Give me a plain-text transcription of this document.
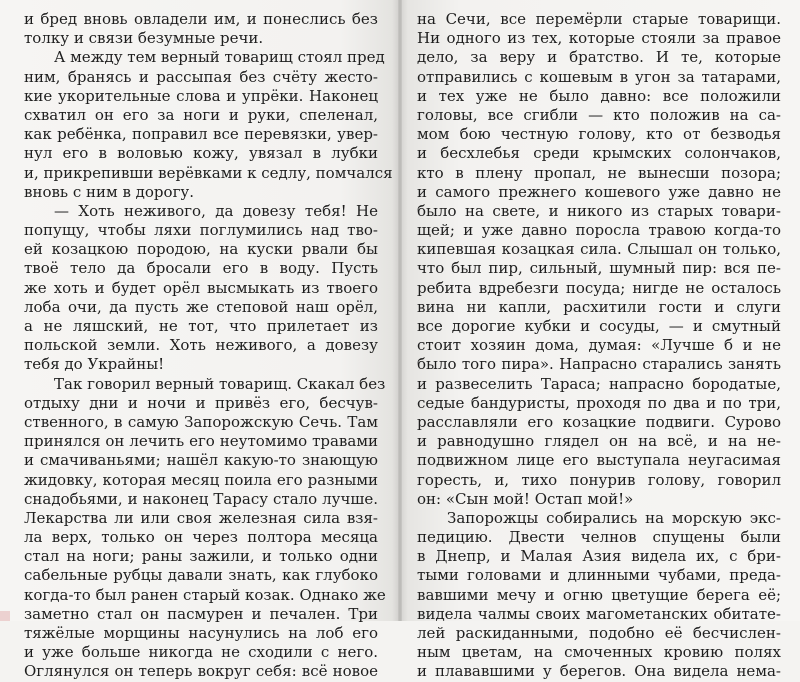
и бред вновь овладели им, и понеслись без
толку и связи безумные речи.
А между тем верный товарищ стоял пред
ним, бранясь и рассыпая без счёту жесто-
кие укорительные слова и упрёки. Наконец
схватил он его за ноги и руки, спеленал,
как ребёнка, поправил все перевязки, увер-
нул его в воловью кожу, увязал в лубки
и, прикрепивши верёвками к седлу, помчался
вновь с ним в дорогу.
— Хоть неживого, да довезу тебя! Не
попущу, чтобы ляхи поглумились над тво-
ей козацкою породою, на куски рвали бы
твоё тело да бросали его в воду. Пусть
же хоть и будет орёл высмыкать из твоего
лоба очи, да пусть же степовой наш орёл,
а не ляшский, не тот, что прилетает из
польской земли. Хоть неживого, а довезу
тебя до Украйны!
Так говорил верный товарищ. Скакал без
отдыху дни и ночи и привёз его, бесчув-
ственного, в самую Запорожскую Сечь. Там
принялся он лечить его неутомимо травами
и смачиваньями; нашёл какую-то знающую
жидовку, которая месяц поила его разными
снадобьями, и наконец Тарасу стало лучше.
Лекарства ли или своя железная сила взя-
ла верх, только он через полтора месяца
стал на ноги; раны зажили, и только одни
сабельные рубцы давали знать, как глубоко
когда-то был ранен старый козак. Однако же
заметно стал он пасмурен и печален. Три
тяжёлые морщины насунулись на лоб его
и уже больше никогда не сходили с него.
Оглянулся он теперь вокруг себя: всё новое
на Сечи, все перемёрли старые товарищи.
Ни одного из тех, которые стояли за правое
дело, за веру и братство. И те, которые
отправились с кошевым в угон за татарами,
и тех уже не было давно: все положили
головы, все сгибли — кто положив на са-
мом бою честную голову, кто от безводья
и бесхлебья среди крымских солончаков,
кто в плену пропал, не вынесши позора;
и самого прежнего кошевого уже давно не
было на свете, и никого из старых товари-
щей; и уже давно поросла травою когда-то
кипевшая козацкая сила. Слышал он только,
что был пир, сильный, шумный пир: вся пе-
ребита вдребезги посуда; нигде не осталось
вина ни капли, расхитили гости и слуги
все дорогие кубки и сосуды, — и смутный
стоит хозяин дома, думая: «Лучше б и не
было того пира». Напрасно старались занять
и развеселить Тараса; напрасно бородатые,
седые бандуристы, проходя по два и по три,
расславляли его козацкие подвиги. Сурово
и равнодушно глядел он на всё, и на не-
подвижном лице его выступала неугасимая
горесть, и, тихо понурив голову, говорил
он: «Сын мой! Остап мой!»
Запорожцы собирались на морскую экс-
педицию. Двести челнов спущены были
в Днепр, и Малая Азия видела их, с бри-
тыми головами и длинными чубами, преда-
вавшими мечу и огню цветущие берега её;
видела чалмы своих магометанских обитате-
лей раскиданными, подобно её бесчислен-
ным цветам, на смоченных кровию полях
и плававшими у берегов. Она видела нема-
